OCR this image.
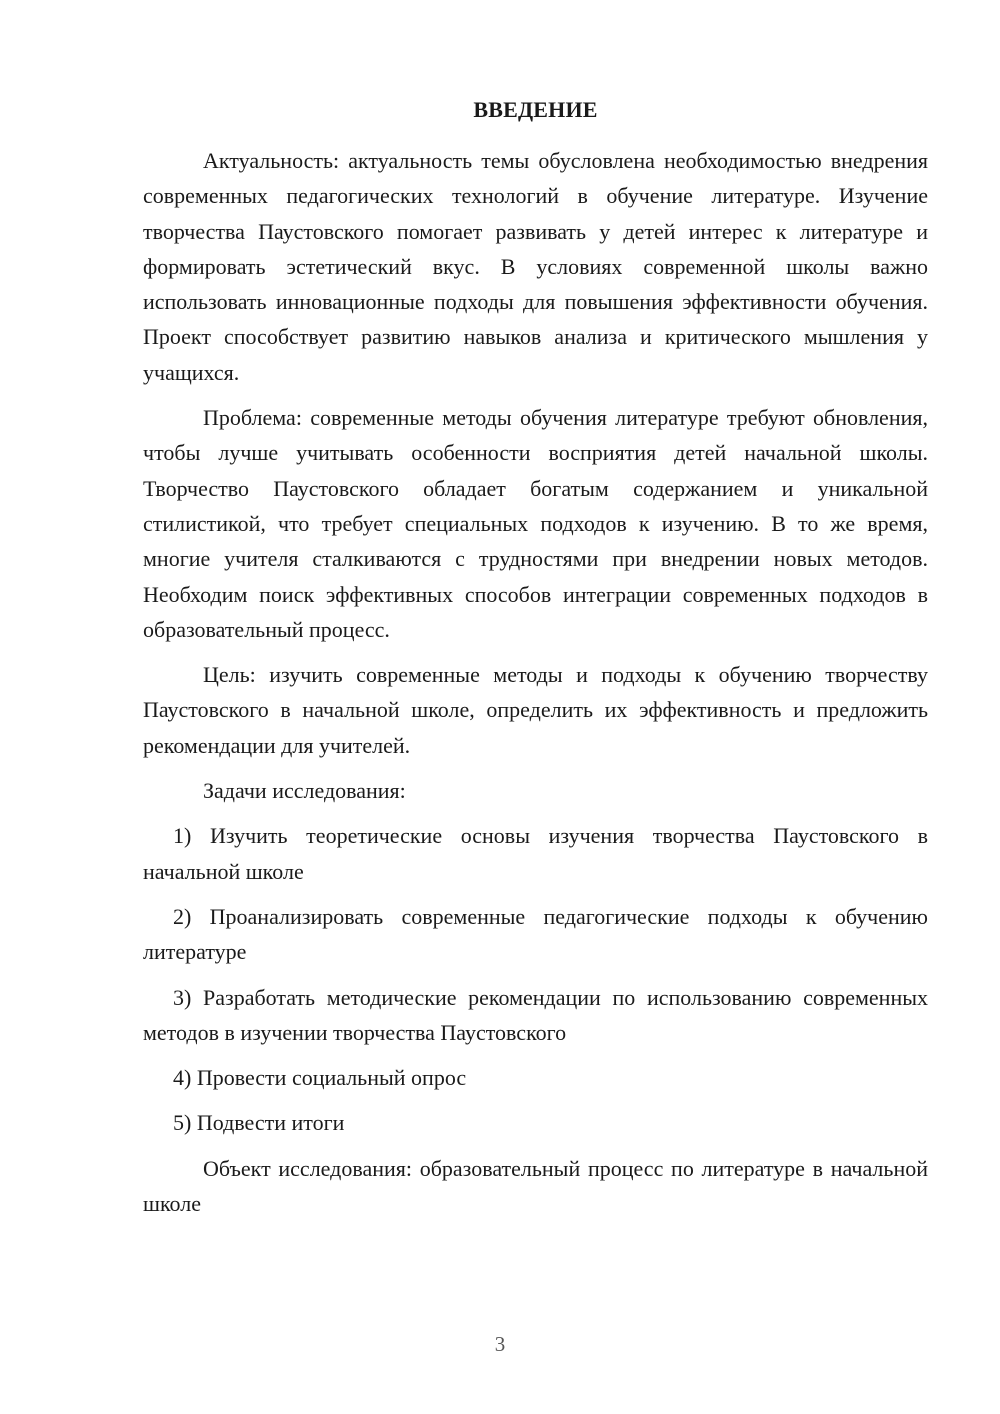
ВВЕДЕНИЕ

Актуальность: актуальность темы обусловлена необходимостью внедрения современных педагогических технологий в обучение литературе. Изучение творчества Паустовского помогает развивать у детей интерес к литературе и формировать эстетический вкус. В условиях современной школы важно использовать инновационные подходы для повышения эффективности обучения. Проект способствует развитию навыков анализа и критического мышления у учащихся.

Проблема: современные методы обучения литературе требуют обновления, чтобы лучше учитывать особенности восприятия детей начальной школы. Творчество Паустовского обладает богатым содержанием и уникальной стилистикой, что требует специальных подходов к изучению. В то же время, многие учителя сталкиваются с трудностями при внедрении новых методов. Необходим поиск эффективных способов интеграции современных подходов в образовательный процесс.

Цель: изучить современные методы и подходы к обучению творчеству Паустовского в начальной школе, определить их эффективность и предложить рекомендации для учителей.

Задачи исследования:

1) Изучить теоретические основы изучения творчества Паустовского в начальной школе

2) Проанализировать современные педагогические подходы к обучению литературе

3) Разработать методические рекомендации по использованию современных методов в изучении творчества Паустовского

4) Провести социальный опрос

5) Подвести итоги

Объект исследования: образовательный процесс по литературе в начальной школе

3
